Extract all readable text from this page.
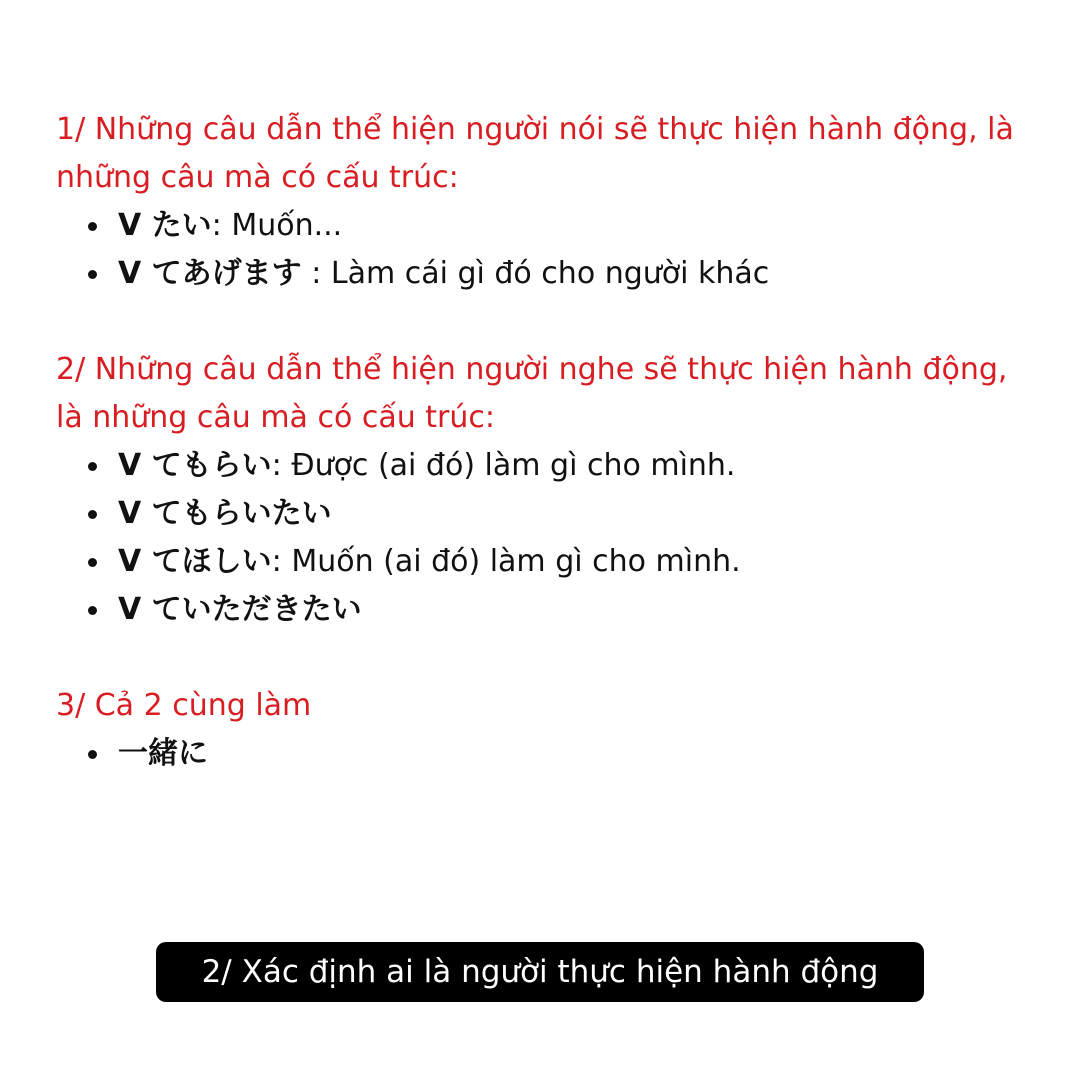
1/ Những câu dẫn thể hiện người nói sẽ thực hiện hành động, là những câu mà có cấu trúc:

V たい: Muốn...
V てあげます : Làm cái gì đó cho người khác

2/ Những câu dẫn thể hiện người nghe sẽ thực hiện hành động, là những câu mà có cấu trúc:

V てもらい: Được (ai đó) làm gì cho mình.
V てもらいたい
V てほしい: Muốn (ai đó) làm gì cho mình.
V ていただきたい

3/ Cả 2 cùng làm

一緒に
2/ Xác định ai là người thực hiện hành động
